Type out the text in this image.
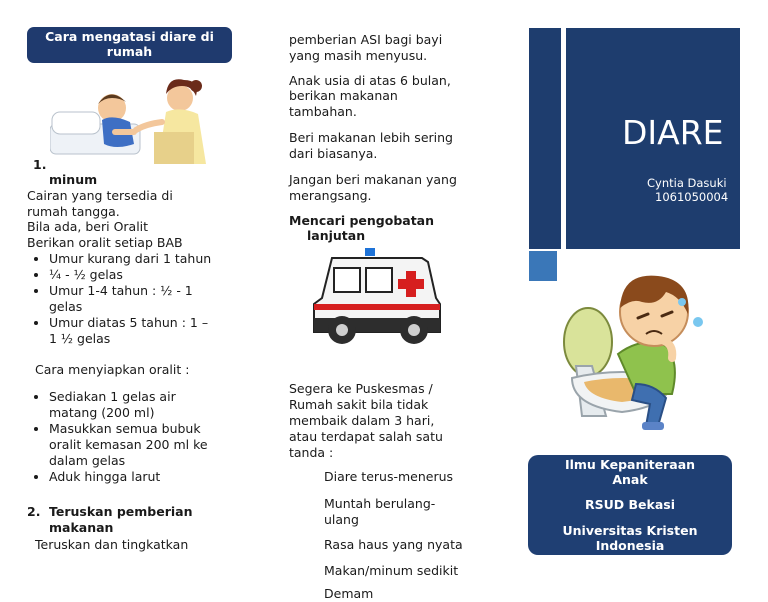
Cara mengatasi diare di rumah
1.
minum
Cairan yang tersedia di
rumah tangga.
Bila ada, beri Oralit
Berikan oralit setiap BAB
• Umur kurang dari 1 tahun
• ¼ - ½ gelas
• Umur 1-4 tahun : ½ - 1
gelas
• Umur diatas 5 tahun : 1 –
1 ½ gelas
Cara menyiapkan oralit :
• Sediakan 1 gelas air
matang (200 ml)
• Masukkan semua bubuk
oralit kemasan 200 ml ke
dalam gelas
• Aduk hingga larut
2. Teruskan pemberian
makanan
Teruskan dan tingkatkan
pemberian ASI bagi bayi
yang masih menyusu.
Anak usia di atas 6 bulan,
berikan makanan
tambahan.
Beri makanan lebih sering
dari biasanya.
Jangan beri makanan yang
merangsang.
Mencari pengobatan
lanjutan
Segera ke Puskesmas /
Rumah sakit bila tidak
membaik dalam 3 hari,
atau terdapat salah satu
tanda :
Diare terus-menerus
Muntah berulang-
ulang
Rasa haus yang nyata
Makan/minum sedikit
Demam
DIARE
Cyntia Dasuki
1061050004
Ilmu Kepaniteraan
Anak
RSUD Bekasi
Universitas Kristen
Indonesia
